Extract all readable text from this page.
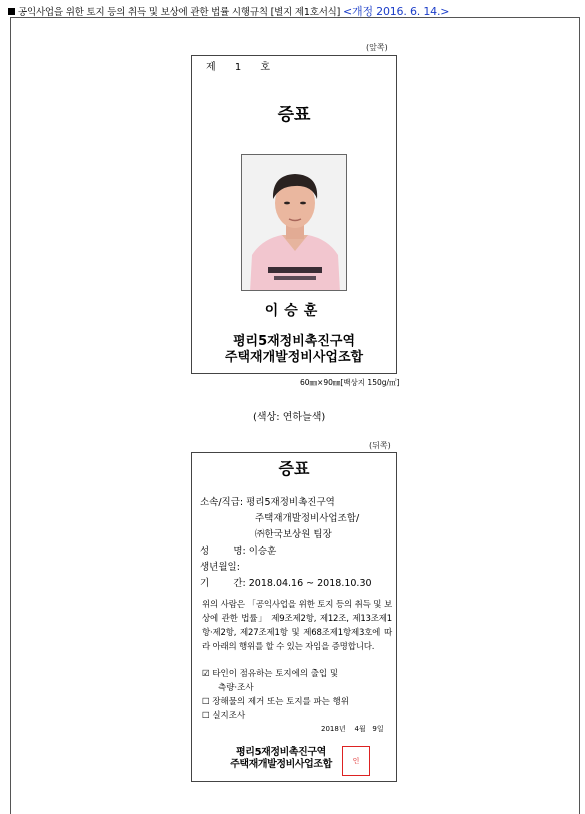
공익사업을 위한 토지 등의 취득 및 보상에 관한 법률 시행규칙 [별지 제1호서식] <개정 2016. 6. 14.>
(앞쪽)
제 1 호
증표
이승훈
평리5재정비촉진구역
주택재개발정비사업조합
60㎜×90㎜[백상지 150g/㎡]
(색상: 연하늘색)
(뒤쪽)
증표
소속/직급: 평리5재정비촉진구역
주택재개발정비사업조합/
㈜한국보상원 팀장
성        명: 이승훈
생년월일:
기        간: 2018.04.16 ~ 2018.10.30
위의 사람은 「공익사업을 위한 토지 등의 취득 및 보상에 관한 법률」 제9조제2항, 제12조, 제13조제1항·제2항, 제27조제1항 및 제68조제1항제3호에 따라 아래의 행위를 할 수 있는 자임을 증명합니다.
☑ 타인이 점유하는 토지에의 출입 및
측량·조사
☐ 장해물의 제거 또는 토지를 파는 행위
☐ 실지조사
2018년    4월   9일
평리5재정비촉진구역
주택재개발정비사업조합	인
